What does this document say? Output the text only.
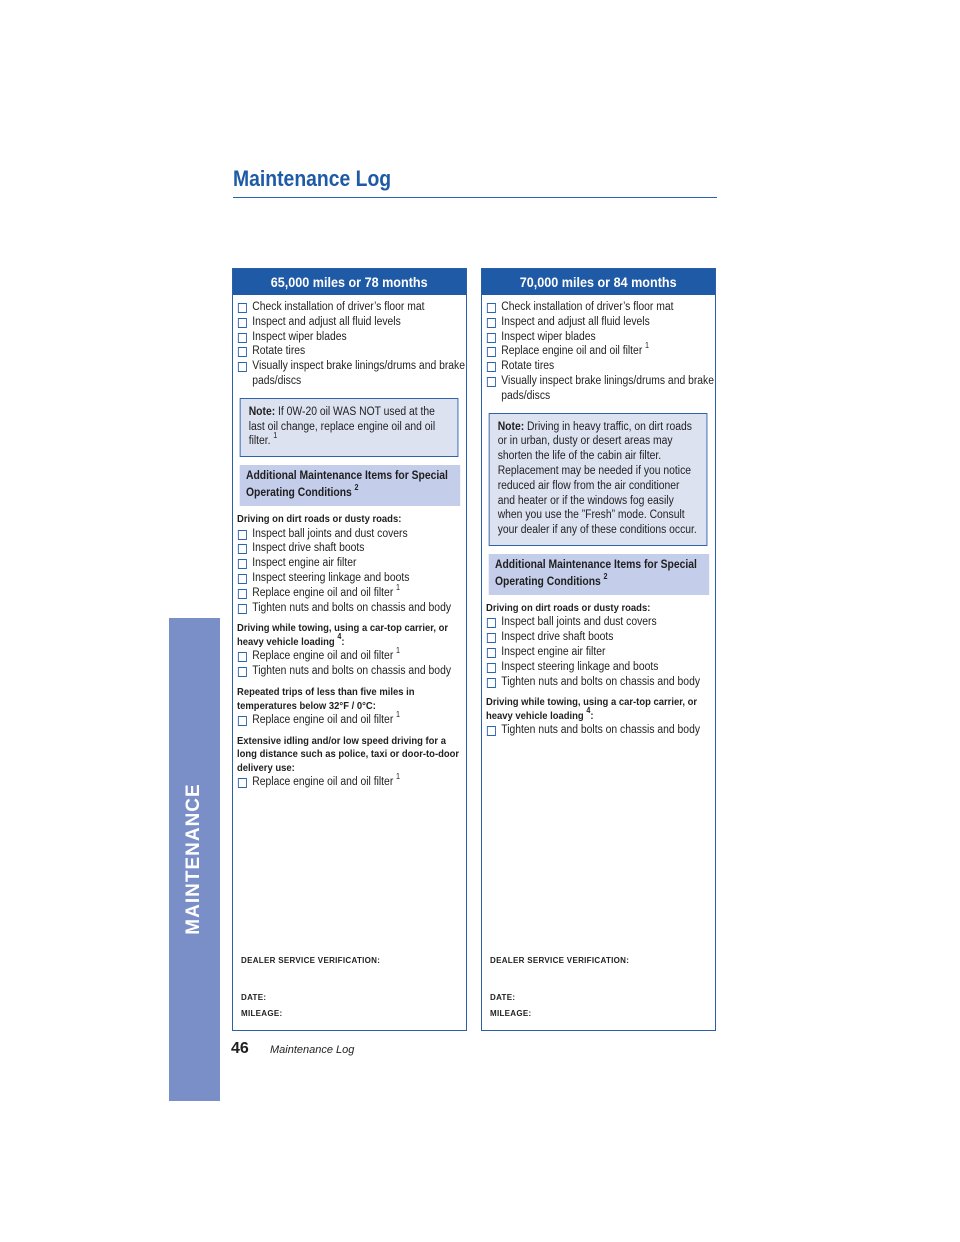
Maintenance Log
MAINTENANCE
65,000 miles or 78 months
Check installation of driver’s floor mat
Inspect and adjust all fluid levels
Inspect wiper blades
Rotate tires
Visually inspect brake linings/drums and brake pads/discs
Note: If 0W-20 oil WAS NOT used at the last oil change, replace engine oil and oil filter. $^1$
Additional Maintenance Items for Special Operating Conditions $^2$
Driving on dirt roads or dusty roads:
Inspect ball joints and dust covers
Inspect drive shaft boots
Inspect engine air filter
Inspect steering linkage and boots
Replace engine oil and oil filter $^1$
Tighten nuts and bolts on chassis and body
Driving while towing, using a car-top carrier, or heavy vehicle loading $^4$:
Replace engine oil and oil filter $^1$
Tighten nuts and bolts on chassis and body
Repeated trips of less than five miles in temperatures below 32°F / 0°C:
Replace engine oil and oil filter $^1$
Extensive idling and/or low speed driving for a long distance such as police, taxi or door-to-door delivery use:
Replace engine oil and oil filter $^1$
DEALER SERVICE VERIFICATION:
DATE:
MILEAGE:
70,000 miles or 84 months
Check installation of driver’s floor mat
Inspect and adjust all fluid levels
Inspect wiper blades
Replace engine oil and oil filter $^1$
Rotate tires
Visually inspect brake linings/drums and brake pads/discs
Note: Driving in heavy traffic, on dirt roads or in urban, dusty or desert areas may shorten the life of the cabin air filter. Replacement may be needed if you notice reduced air flow from the air conditioner and heater or if the windows fog easily when you use the ”Fresh” mode. Consult your dealer if any of these conditions occur.
Additional Maintenance Items for Special Operating Conditions $^2$
Driving on dirt roads or dusty roads:
Inspect ball joints and dust covers
Inspect drive shaft boots
Inspect engine air filter
Inspect steering linkage and boots
Tighten nuts and bolts on chassis and body
Driving while towing, using a car-top carrier, or heavy vehicle loading $^4$:
Tighten nuts and bolts on chassis and body
DEALER SERVICE VERIFICATION:
DATE:
MILEAGE:
46 Maintenance Log
